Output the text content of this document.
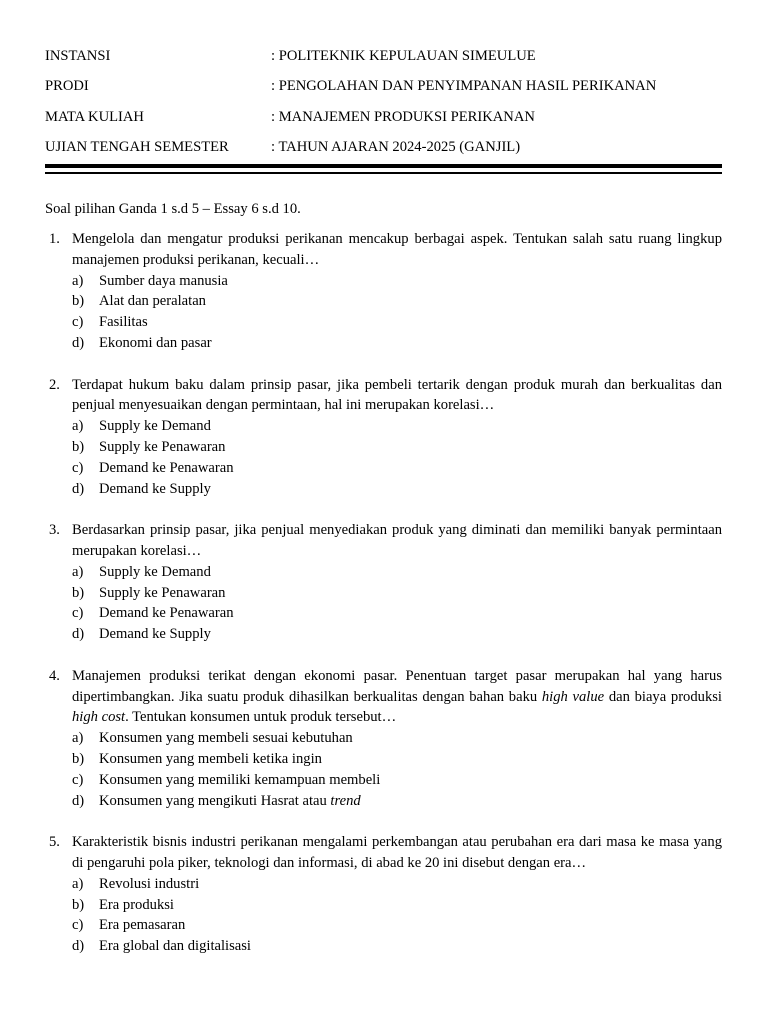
INSTANSI	: POLITEKNIK KEPULAUAN SIMEULUE
PRODI	: PENGOLAHAN DAN PENYIMPANAN HASIL PERIKANAN
MATA KULIAH	: MANAJEMEN PRODUKSI PERIKANAN
UJIAN TENGAH SEMESTER	: TAHUN AJARAN 2024-2025 (GANJIL)
Soal pilihan Ganda 1 s.d 5 – Essay 6 s.d 10.
1. Mengelola dan mengatur produksi perikanan mencakup berbagai aspek. Tentukan salah satu ruang lingkup manajemen produksi perikanan, kecuali…
a) Sumber daya manusia
b) Alat dan peralatan
c) Fasilitas
d) Ekonomi dan pasar
2. Terdapat hukum baku dalam prinsip pasar, jika pembeli tertarik dengan produk murah dan berkualitas dan penjual menyesuaikan dengan permintaan, hal ini merupakan korelasi…
a) Supply ke Demand
b) Supply ke Penawaran
c) Demand ke Penawaran
d) Demand ke Supply
3. Berdasarkan prinsip pasar, jika penjual menyediakan produk yang diminati dan memiliki banyak permintaan merupakan korelasi…
a) Supply ke Demand
b) Supply ke Penawaran
c) Demand ke Penawaran
d) Demand ke Supply
4. Manajemen produksi terikat dengan ekonomi pasar. Penentuan target pasar merupakan hal yang harus dipertimbangkan. Jika suatu produk dihasilkan berkualitas dengan bahan baku high value dan biaya produksi high cost. Tentukan konsumen untuk produk tersebut…
a) Konsumen yang membeli sesuai kebutuhan
b) Konsumen yang membeli ketika ingin
c) Konsumen yang memiliki kemampuan membeli
d) Konsumen yang mengikuti Hasrat atau trend
5. Karakteristik bisnis industri perikanan mengalami perkembangan atau perubahan era dari masa ke masa yang di pengaruhi pola piker, teknologi dan informasi, di abad ke 20 ini disebut dengan era…
a) Revolusi industri
b) Era produksi
c) Era pemasaran
d) Era global dan digitalisasi
